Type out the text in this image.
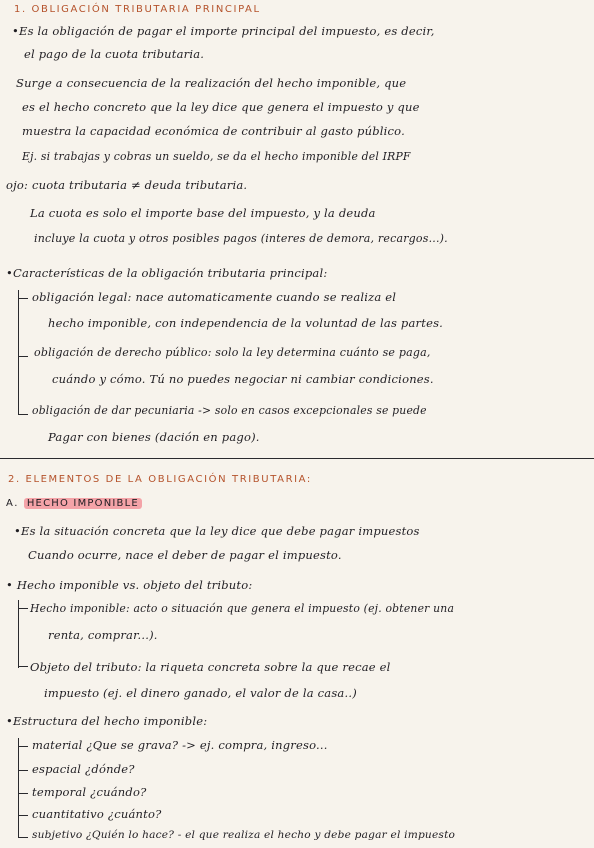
1. OBLIGACIÓN TRIBUTARIA PRINCIPAL
•Es la obligación de pagar el importe principal del impuesto, es decir,
el pago de la cuota tributaria.
Surge a consecuencia de la realización del hecho imponible, que
es el hecho concreto que la ley dice que genera el impuesto y que
muestra la capacidad económica de contribuir al gasto público.
Ej. si trabajas y cobras un sueldo, se da el hecho imponible del IRPF
ojo: cuota tributaria ≠ deuda tributaria.
La cuota es solo el importe base del impuesto, y la deuda
incluye la cuota y otros posibles pagos (interes de demora, recargos...).
•Características de la obligación tributaria principal:
obligación legal: nace automaticamente cuando se realiza el
hecho imponible, con independencia de la voluntad de las partes.
obligación de derecho público: solo la ley determina cuánto se paga,
cuándo y cómo. Tú no puedes negociar ni cambiar condiciones.
obligación de dar pecuniaria -> solo en casos excepcionales se puede
Pagar con bienes (dación en pago).
2. ELEMENTOS DE LA OBLIGACIÓN TRIBUTARIA:
A. HECHO IMPONIBLE
•Es la situación concreta que la ley dice que debe pagar impuestos
Cuando ocurre, nace el deber de pagar el impuesto.
• Hecho imponible vs. objeto del tributo:
Hecho imponible: acto o situación que genera el impuesto (ej. obtener una
renta, comprar...).
Objeto del tributo: la riqueta concreta sobre la que recae el
impuesto (ej. el dinero ganado, el valor de la casa..)
•Estructura del hecho imponible:
material ¿Que se grava? -> ej. compra, ingreso...
espacial ¿dónde?
temporal ¿cuándo?
cuantitativo ¿cuánto?
subjetivo ¿Quién lo hace? - el que realiza el hecho y debe pagar el impuesto
